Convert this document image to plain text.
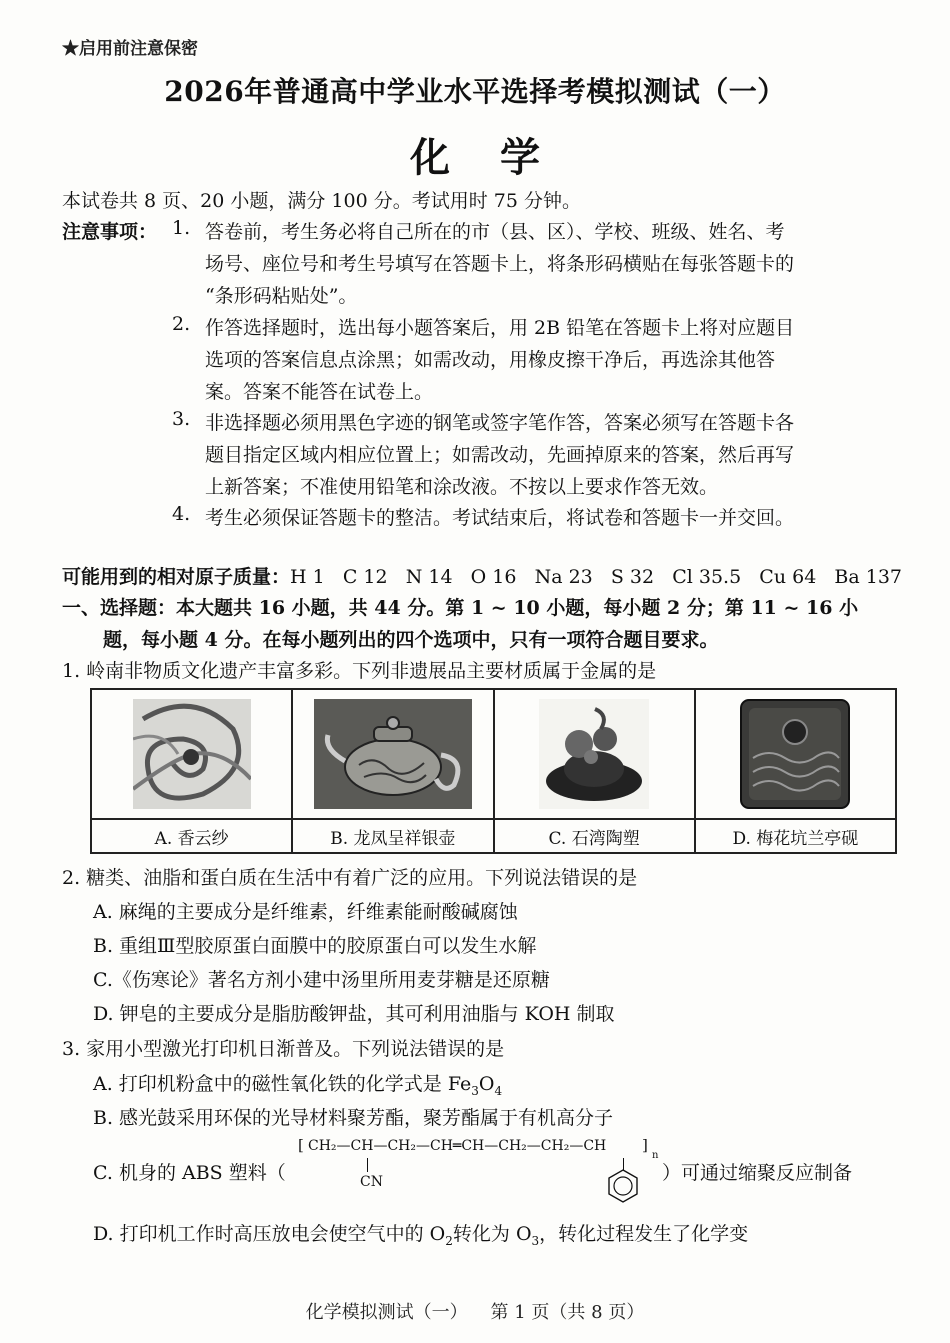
★启用前注意保密
2026年普通高中学业水平选择考模拟测试（一）
化学
本试卷共 8 页、20 小题，满分 100 分。考试用时 75 分钟。
注意事项： 1. 答卷前，考生务必将自己所在的市（县、区）、学校、班级、姓名、考
场号、座位号和考生号填写在答题卡上，将条形码横贴在每张答题卡的
“条形码粘贴处”。
2. 作答选择题时，选出每小题答案后，用 2B 铅笔在答题卡上将对应题目
选项的答案信息点涂黑；如需改动，用橡皮擦干净后，再选涂其他答
案。答案不能答在试卷上。
3. 非选择题必须用黑色字迹的钢笔或签字笔作答，答案必须写在答题卡各
题目指定区域内相应位置上；如需改动，先画掉原来的答案，然后再写
上新答案；不准使用铅笔和涂改液。不按以上要求作答无效。
4. 考生必须保证答题卡的整洁。考试结束后，将试卷和答题卡一并交回。
可能用到的相对原子质量：H 1   C 12   N 14   O 16   Na 23   S 32   Cl 35.5   Cu 64   Ba 137
一、选择题：本大题共 16 小题，共 44 分。第 1 ~ 10 小题，每小题 2 分；第 11 ~ 16 小
题，每小题 4 分。在每小题列出的四个选项中，只有一项符合题目要求。
1. 岭南非物质文化遗产丰富多彩。下列非遗展品主要材质属于金属的是

A. 香云纱	B. 龙凤呈祥银壶	C. 石湾陶塑	D. 梅花坑兰亭砚
2. 糖类、油脂和蛋白质在生活中有着广泛的应用。下列说法错误的是
A. 麻绳的主要成分是纤维素，纤维素能耐酸碱腐蚀
B. 重组Ⅲ型胶原蛋白面膜中的胶原蛋白可以发生水解
C.《伤寒论》著名方剂小建中汤里所用麦芽糖是还原糖
D. 钾皂的主要成分是脂肪酸钾盐，其可利用油脂与 KOH 制取
3. 家用小型激光打印机日渐普及。下列说法错误的是
A. 打印机粉盒中的磁性氧化铁的化学式是 $Fe_3O_4$
B. 感光鼓采用环保的光导材料聚芳酯，聚芳酯属于有机高分子
C. 机身的 ABS 塑料（
[ CH₂—CH—CH₂—CH═CH—CH₂—CH₂—CH ]
n
CN	）可通过缩聚反应制备
D. 打印机工作时高压放电会使空气中的 $O_2$转化为 $O_3$，转化过程发生了化学变
化学模拟测试（一）    第 1 页（共 8 页）
